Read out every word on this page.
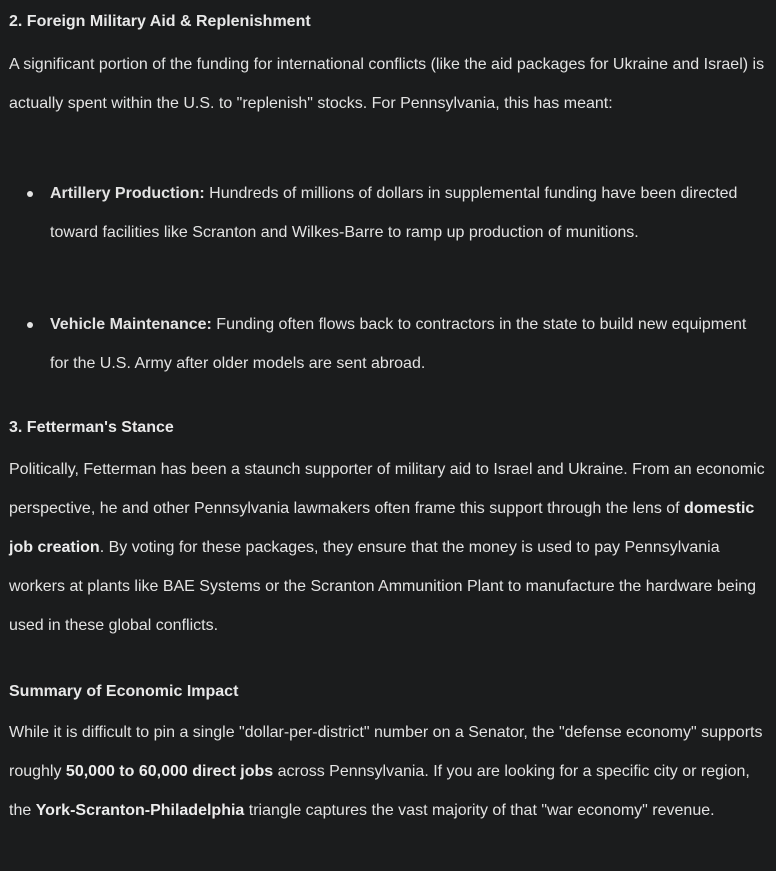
2. Foreign Military Aid & Replenishment

A significant portion of the funding for international conflicts (like the aid packages for Ukraine and Israel) is actually spent within the U.S. to "replenish" stocks. For Pennsylvania, this has meant:

Artillery Production: Hundreds of millions of dollars in supplemental funding have been directed toward facilities like Scranton and Wilkes-Barre to ramp up production of munitions.
Vehicle Maintenance: Funding often flows back to contractors in the state to build new equipment for the U.S. Army after older models are sent abroad.

3. Fetterman's Stance

Politically, Fetterman has been a staunch supporter of military aid to Israel and Ukraine. From an economic perspective, he and other Pennsylvania lawmakers often frame this support through the lens of domestic job creation. By voting for these packages, they ensure that the money is used to pay Pennsylvania workers at plants like BAE Systems or the Scranton Ammunition Plant to manufacture the hardware being used in these global conflicts.

Summary of Economic Impact

While it is difficult to pin a single "dollar-per-district" number on a Senator, the "defense economy" supports roughly 50,000 to 60,000 direct jobs across Pennsylvania. If you are looking for a specific city or region, the York-Scranton-Philadelphia triangle captures the vast majority of that "war economy" revenue.
